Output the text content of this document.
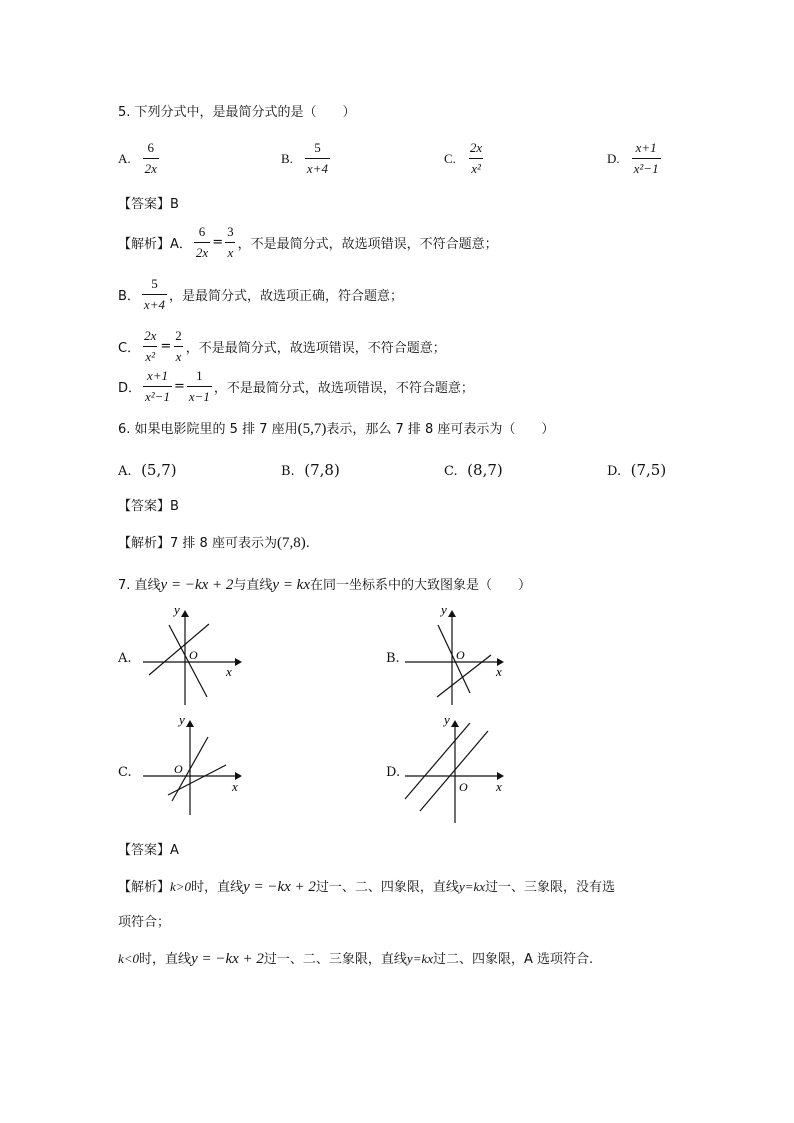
5. 下列分式中，是最简分式的是（　　）
A. $\frac{6}{2x}$	B. $\frac{5}{x+4}$	C. $\frac{2x}{\text{x²}}$	D. $\frac{x+1}{\text{x²−1}}$
【答案】B
【解析】A． $\frac{6}{2x} = \frac{3}{x}$ ，不是最简分式，故选项错误，不符合题意；
B． $\frac{5}{x+4}$ ，是最简分式，故选项正确，符合题意；
C． $\frac{2x}{\text{x²}} = \frac{2}{x}$ ，不是最简分式，故选项错误，不符合题意；
D． $\frac{x+1}{\text{x²−1}} = \frac{1}{x-1}$ ，不是最简分式，故选项错误，不符合题意；
6. 如果电影院里的 5 排 7 座用(5,7)表示，那么 7 排 8 座可表示为（　　）
A. (5,7)	B. (7,8)	C. (8,7)	D. (7,5)
【答案】B
【解析】7 排 8 座可表示为(7,8).
7. 直线y = −kx + 2与直线y = kx在同一坐标系中的大致图象是（　　）
A.
y
x
O	B.
y
x
O
C.
y
x
O	D.
y
x
O
【答案】A
【解析】k>0时，直线y = −kx + 2过一、二、四象限，直线y=kx过一、三象限，没有选
项符合；
k<0时，直线y = −kx + 2过一、二、三象限，直线y=kx过二、四象限，A 选项符合.
